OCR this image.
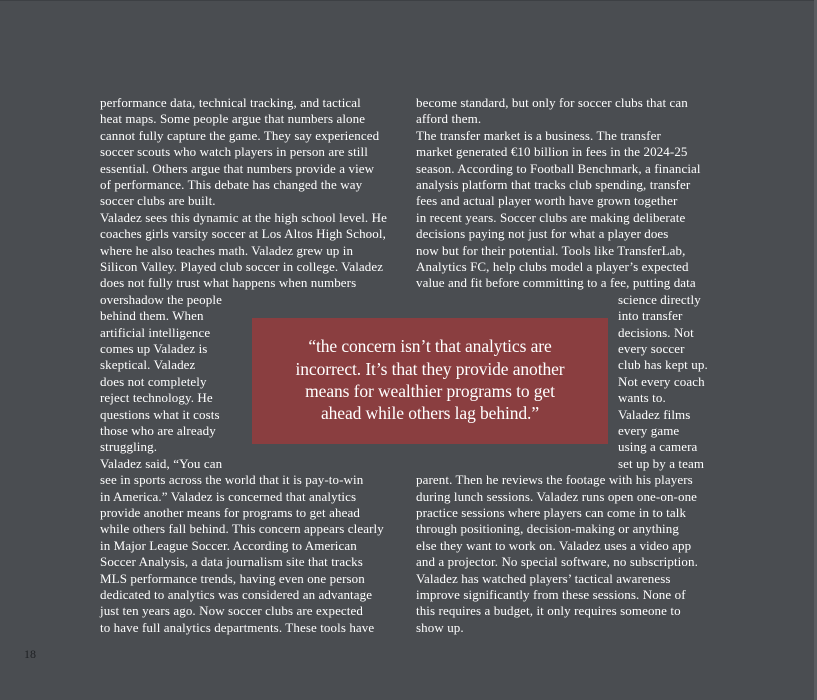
performance data, technical tracking, and tactical
heat maps. Some people argue that numbers alone
cannot fully capture the game. They say experienced
soccer scouts who watch players in person are still
essential. Others argue that numbers provide a view
of performance. This debate has changed the way
soccer clubs are built.
Valadez sees this dynamic at the high school level. He
coaches girls varsity soccer at Los Altos High School,
where he also teaches math. Valadez grew up in
Silicon Valley. Played club soccer in college. Valadez
does not fully trust what happens when numbers
overshadow the people
behind them. When
artificial intelligence
comes up Valadez is
skeptical. Valadez
does not completely
reject technology. He
questions what it costs
those who are already
struggling.
Valadez said, “You can
see in sports across the world that it is pay-to-win
in America.” Valadez is concerned that analytics
provide another means for programs to get ahead
while others fall behind. This concern appears clearly
in Major League Soccer. According to American
Soccer Analysis, a data journalism site that tracks
MLS performance trends, having even one person
dedicated to analytics was considered an advantage
just ten years ago. Now soccer clubs are expected
to have full analytics departments. These tools have
become standard, but only for soccer clubs that can
afford them.
The transfer market is a business. The transfer
market generated €10 billion in fees in the 2024-25
season. According to Football Benchmark, a financial
analysis platform that tracks club spending, transfer
fees and actual player worth have grown together
in recent years. Soccer clubs are making deliberate
decisions paying not just for what a player does
now but for their potential. Tools like TransferLab,
Analytics FC, help clubs model a player’s expected
value and fit before committing to a fee, putting data
science directly
into transfer
decisions. Not
every soccer
club has kept up.
Not every coach
wants to.
Valadez films
every game
using a camera
set up by a team
parent. Then he reviews the footage with his players
during lunch sessions. Valadez runs open one-on-one
practice sessions where players can come in to talk
through positioning, decision-making or anything
else they want to work on. Valadez uses a video app
and a projector. No special software, no subscription.
Valadez has watched players’ tactical awareness
improve significantly from these sessions. None of
this requires a budget, it only requires someone to
show up.
“the concern isn’t that analytics are
incorrect. It’s that they provide another
means for wealthier programs to get
ahead while others lag behind.”
18
